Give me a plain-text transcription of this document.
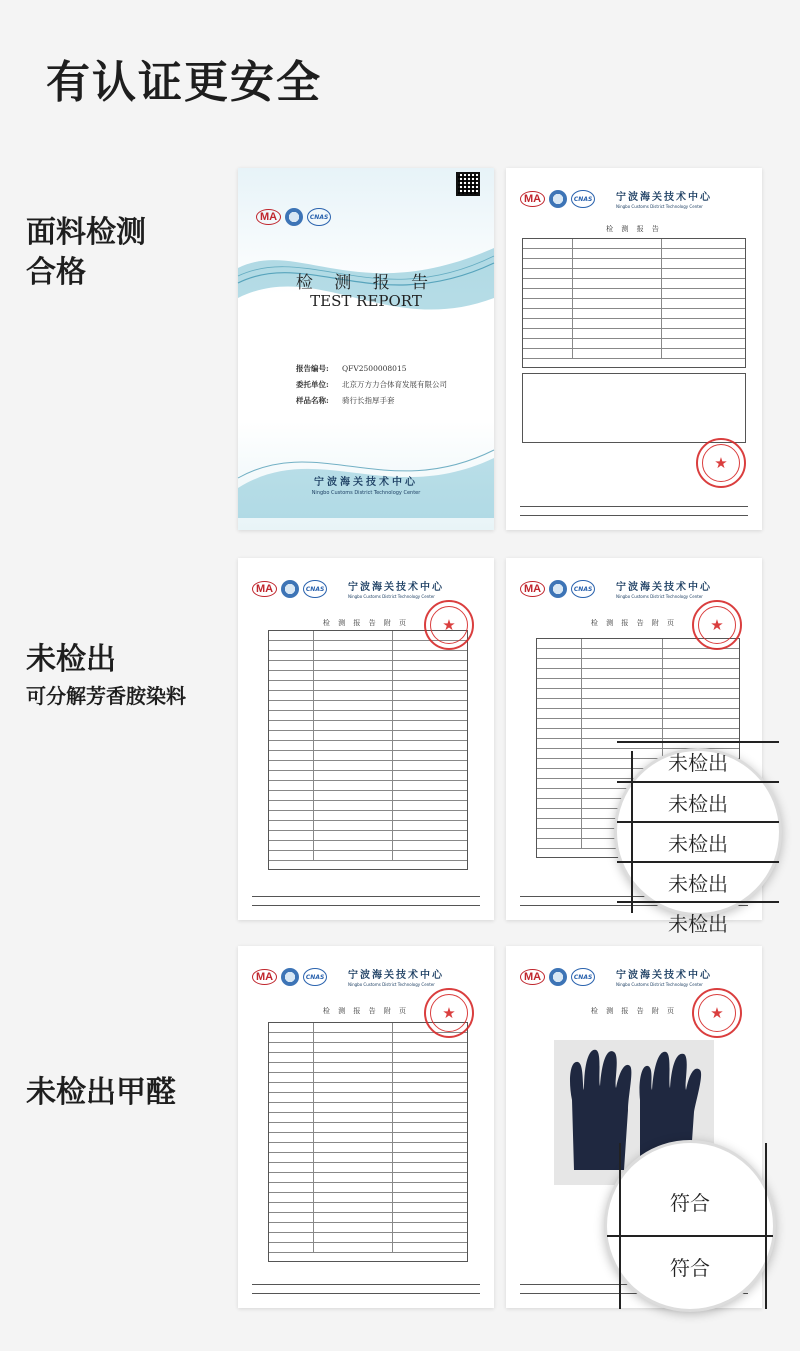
有认证更安全
面料检测
合格
未检出
可分解芳香胺染料
未检出甲醛
MA	CNAS
检 测 报 告
TEST REPORT
报告编号:	QFV2500008015
委托单位:	北京万方力合体育发展有限公司
样品名称:	骑行长指厚手套
宁波海关技术中心
Ningbo Customs District Technology Center
MA	CNAS 宁波海关技术中心
Ningbo Customs District Technology Center
检 测 报 告
★
MA	CNAS 宁波海关技术中心
Ningbo Customs District Technology Center
检 测 报 告 附 页	★
MA	CNAS 宁波海关技术中心
Ningbo Customs District Technology Center
检 测 报 告 附 页	★
未检出
未检出
未检出
未检出
未检出
MA	CNAS 宁波海关技术中心
Ningbo Customs District Technology Center
检 测 报 告 附 页	★
MA	CNAS 宁波海关技术中心
Ningbo Customs District Technology Center
检 测 报 告 附 页	★
符合
符合
